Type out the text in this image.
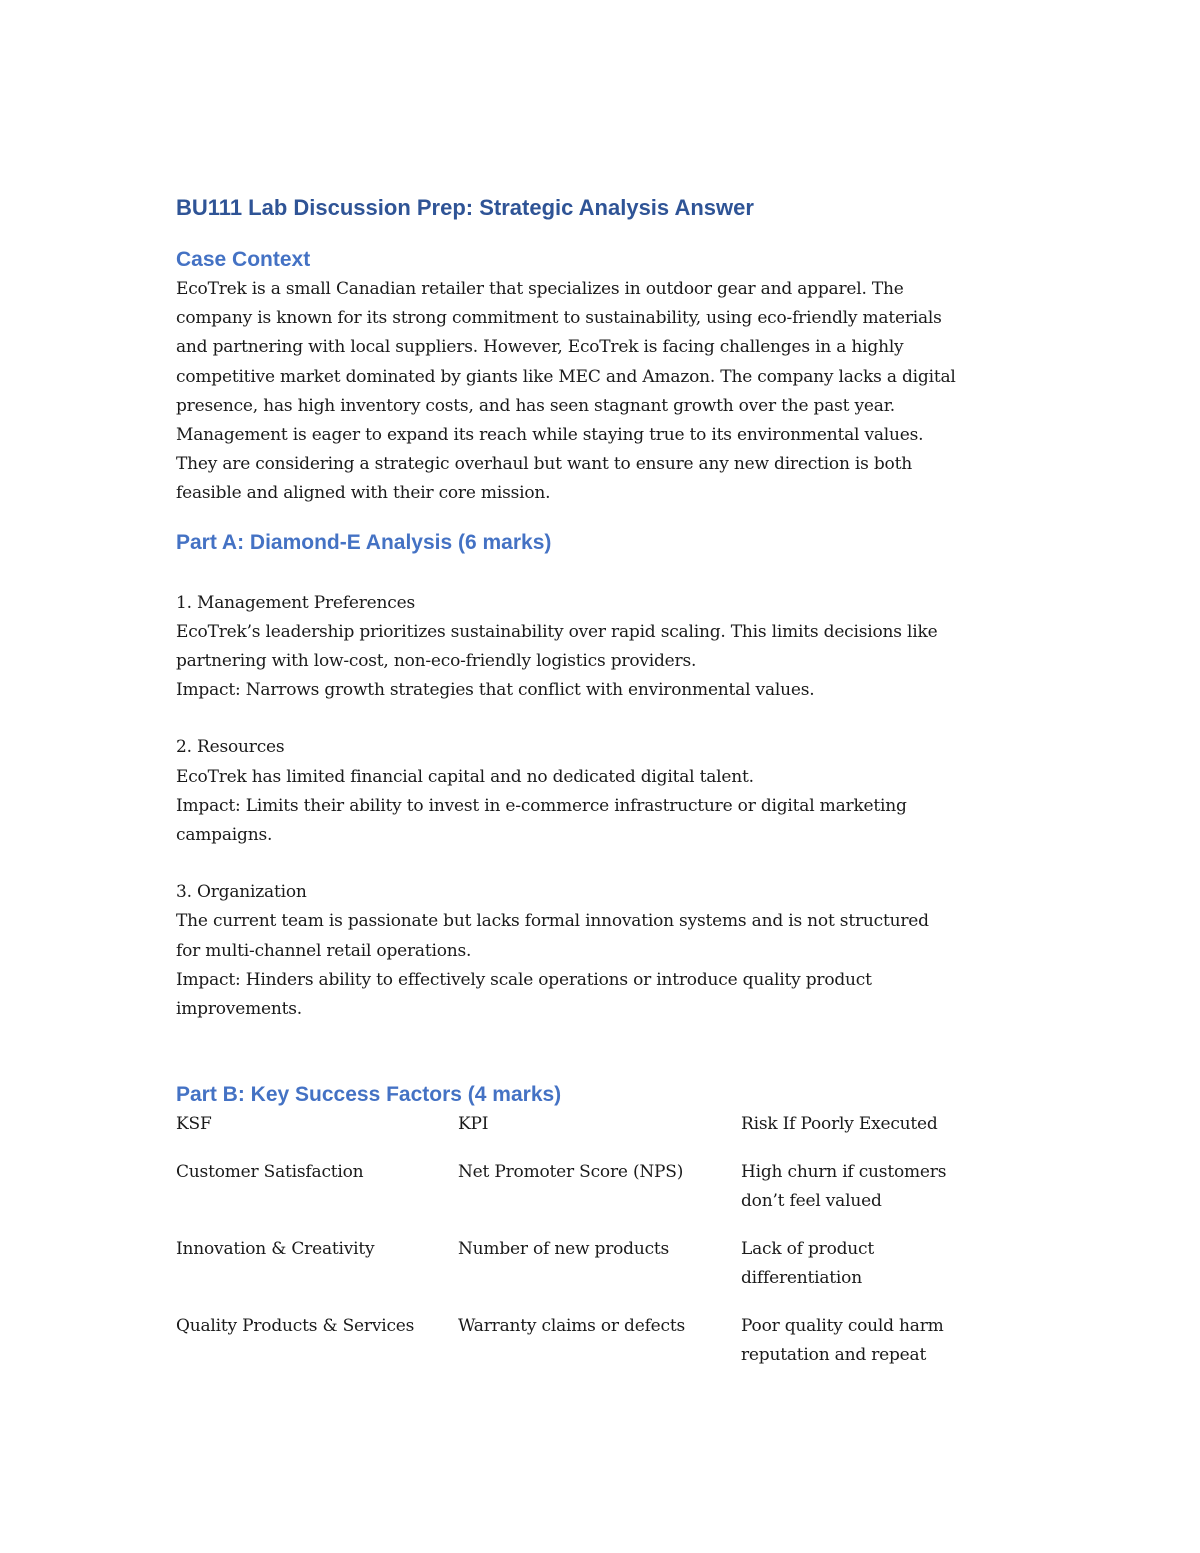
BU111 Lab Discussion Prep: Strategic Analysis Answer
Case Context
EcoTrek is a small Canadian retailer that specializes in outdoor gear and apparel. The
company is known for its strong commitment to sustainability, using eco-friendly materials
and partnering with local suppliers. However, EcoTrek is facing challenges in a highly
competitive market dominated by giants like MEC and Amazon. The company lacks a digital
presence, has high inventory costs, and has seen stagnant growth over the past year.
Management is eager to expand its reach while staying true to its environmental values.
They are considering a strategic overhaul but want to ensure any new direction is both
feasible and aligned with their core mission.
Part A: Diamond-E Analysis (6 marks)
1. Management Preferences
EcoTrek’s leadership prioritizes sustainability over rapid scaling. This limits decisions like
partnering with low-cost, non-eco-friendly logistics providers.
Impact: Narrows growth strategies that conflict with environmental values.
2. Resources
EcoTrek has limited financial capital and no dedicated digital talent.
Impact: Limits their ability to invest in e-commerce infrastructure or digital marketing
campaigns.
3. Organization
The current team is passionate but lacks formal innovation systems and is not structured
for multi-channel retail operations.
Impact: Hinders ability to effectively scale operations or introduce quality product
improvements.
Part B: Key Success Factors (4 marks)
KSF	KPI	Risk If Poorly Executed

Customer Satisfaction	Net Promoter Score (NPS)	High churn if customers
don’t feel valued

Innovation & Creativity	Number of new products	Lack of product
differentiation

Quality Products & Services	Warranty claims or defects	Poor quality could harm
reputation and repeat
